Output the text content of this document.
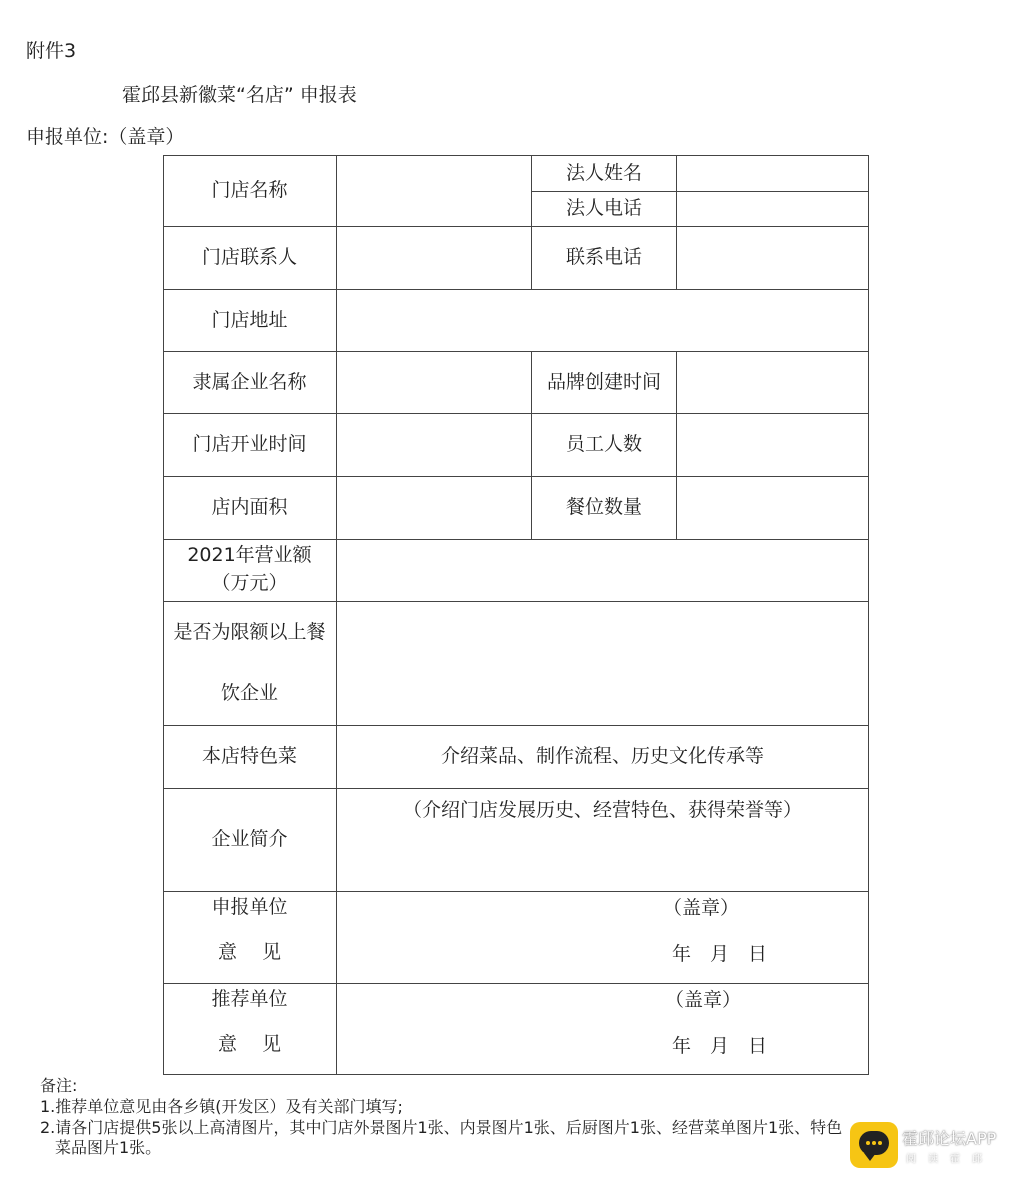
附件3
霍邱县新徽菜“名店” 申报表
申报单位:（盖章）
门店名称
门店联系人
门店地址
隶属企业名称
门店开业时间
店内面积
2021年营业额
（万元）
是否为限额以上餐
饮企业
本店特色菜
企业简介
申报单位
意　 见
推荐单位
意　 见
法人姓名
法人电话
联系电话
品牌创建时间
员工人数
餐位数量
介绍菜品、制作流程、历史文化传承等
（介绍门店发展历史、经营特色、获得荣誉等）
（盖章）
年　月　日
（盖章）
年　月　日
备注:
1.推荐单位意见由各乡镇(开发区）及有关部门填写;
2.请各门店提供5张以上高清图片，其中门店外景图片1张、内景图片1张、后厨图片1张、经营菜单图片1张、特色
菜品图片1张。	霍邱论坛APP
阅读霍邱
